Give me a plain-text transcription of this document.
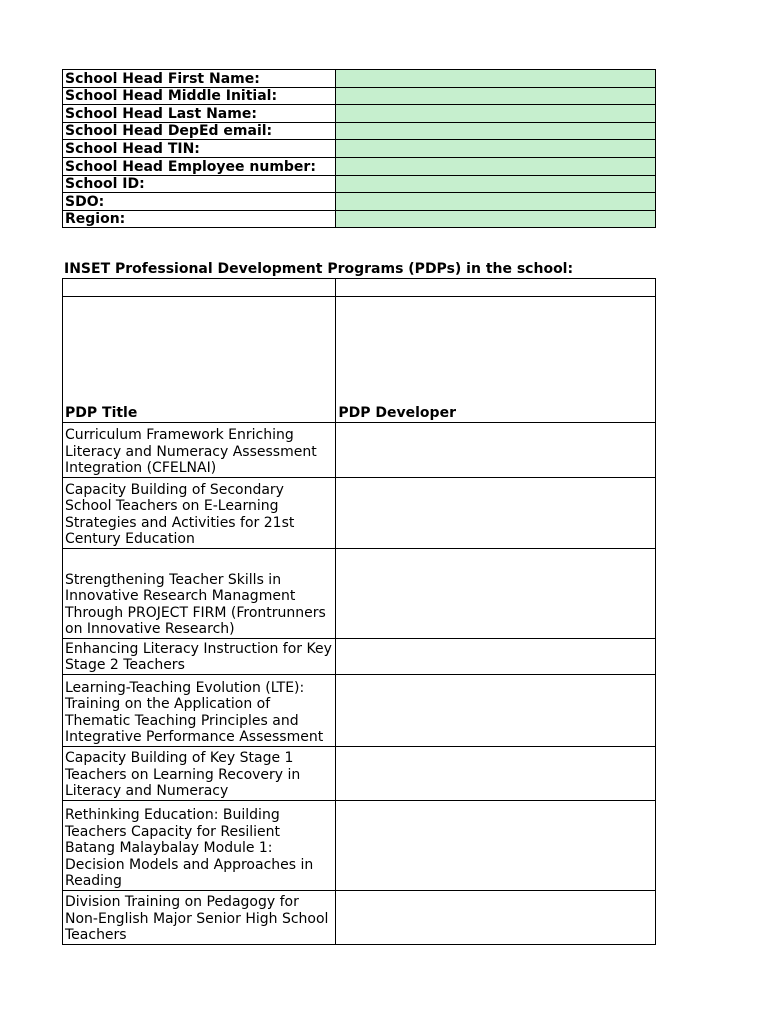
School Head First Name:	
School Head Middle Initial:	
School Head Last Name:	
School Head DepEd email:	
School Head TIN:	
School Head Employee number:	
School ID:	
SDO:	
Region:	
INSET Professional Development Programs (PDPs) in the school:

PDP Title	PDP Developer
Curriculum Framework Enriching Literacy and Numeracy Assessment Integration (CFELNAI)	
Capacity Building of Secondary School Teachers on E-Learning Strategies and Activities for 21st Century Education	
Strengthening Teacher Skills in Innovative Research Managment Through PROJECT FIRM (Frontrunners on Innovative Research)	
Enhancing Literacy Instruction for Key Stage 2 Teachers	
Learning-Teaching Evolution (LTE): Training on the Application of Thematic Teaching Principles and Integrative Performance Assessment	
Capacity Building of Key Stage 1 Teachers on Learning Recovery in Literacy and Numeracy	
Rethinking Education: Building Teachers Capacity for Resilient Batang Malaybalay Module 1: Decision Models and Approaches in Reading	
Division Training on Pedagogy for Non-English Major Senior High School Teachers	
